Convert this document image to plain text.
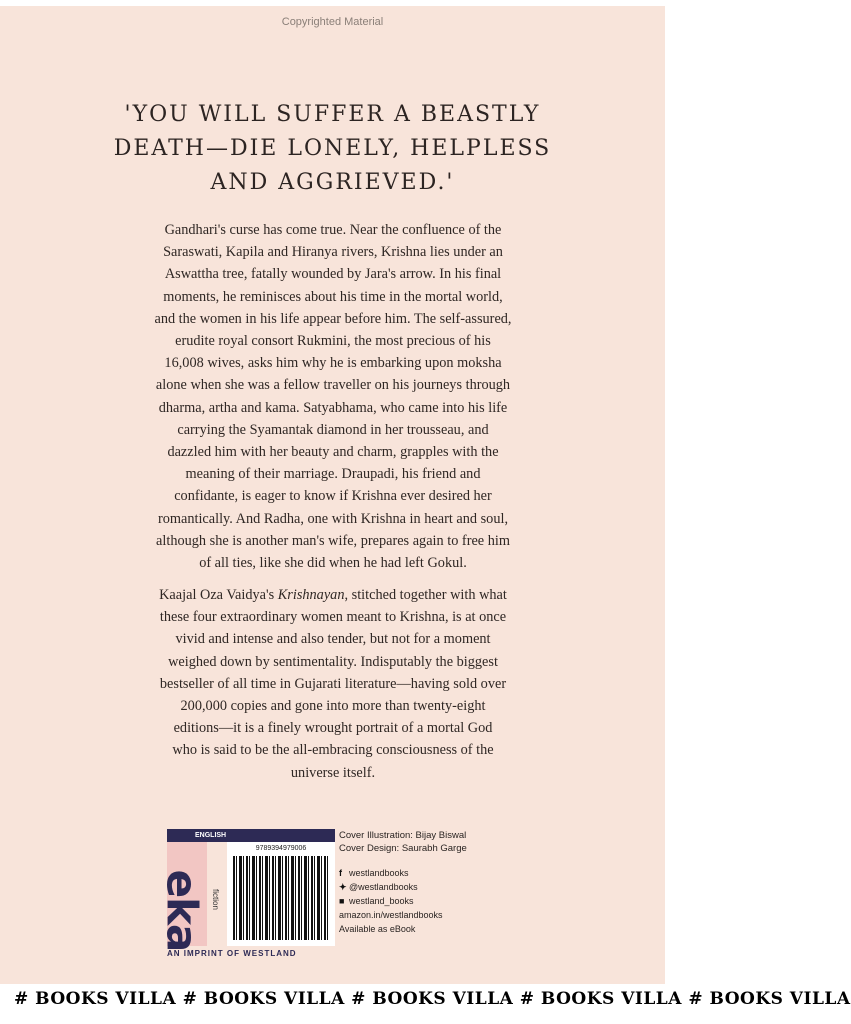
Copyrighted Material
'YOU WILL SUFFER A BEASTLY
DEATH—DIE LONELY, HELPLESS
AND AGGRIEVED.'

Gandhari's curse has come true. Near the confluence of the
Saraswati, Kapila and Hiranya rivers, Krishna lies under an
Aswattha tree, fatally wounded by Jara's arrow. In his final
moments, he reminisces about his time in the mortal world,
and the women in his life appear before him. The self-assured,
erudite royal consort Rukmini, the most precious of his
16,008 wives, asks him why he is embarking upon moksha
alone when she was a fellow traveller on his journeys through
dharma, artha and kama. Satyabhama, who came into his life
carrying the Syamantak diamond in her trousseau, and
dazzled him with her beauty and charm, grapples with the
meaning of their marriage. Draupadi, his friend and
confidante, is eager to know if Krishna ever desired her
romantically. And Radha, one with Krishna in heart and soul,
although she is another man's wife, prepares again to free him
of all ties, like she did when he had left Gokul.

Kaajal Oza Vaidya's Krishnayan, stitched together with what
these four extraordinary women meant to Krishna, is at once
vivid and intense and also tender, but not for a moment
weighed down by sentimentality. Indisputably the biggest
bestseller of all time in Gujarati literature—having sold over
200,000 copies and gone into more than twenty-eight
editions—it is a finely wrought portrait of a mortal God
who is said to be the all-embracing consciousness of the
universe itself.

ENGLISH
eka fiction
9789394979006
AN IMPRINT OF WESTLAND
Cover Illustration: Bijay Biswal
Cover Design: Saurabh Garge
f westlandbooks
✦ @westlandbooks
■ westland_books
amazon.in/westlandbooks
Available as eBook
# BOOKS VILLA # BOOKS VILLA # BOOKS VILLA # BOOKS VILLA # BOOKS VILLA
